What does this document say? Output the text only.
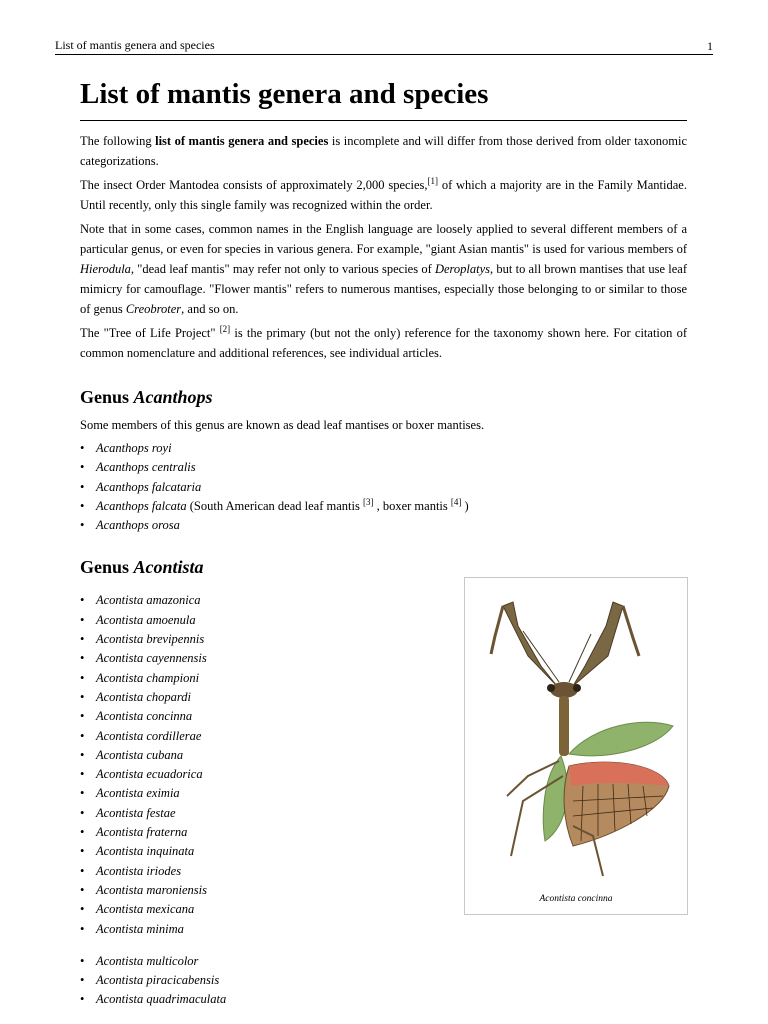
List of mantis genera and species	1
List of mantis genera and species

The following list of mantis genera and species is incomplete and will differ from those derived from older taxonomic categorizations.

The insect Order Mantodea consists of approximately 2,000 species,[1] of which a majority are in the Family Mantidae. Until recently, only this single family was recognized within the order.

Note that in some cases, common names in the English language are loosely applied to several different members of a particular genus, or even for species in various genera. For example, "giant Asian mantis" is used for various members of Hierodula, "dead leaf mantis" may refer not only to various species of Deroplatys, but to all brown mantises that use leaf mimicry for camouflage. "Flower mantis" refers to numerous mantises, especially those belonging to or similar to those of genus Creobroter, and so on.

The "Tree of Life Project" [2] is the primary (but not the only) reference for the taxonomy shown here. For citation of common nomenclature and additional references, see individual articles.

Genus Acanthops

Some members of this genus are known as dead leaf mantises or boxer mantises.

• Acanthops royi
• Acanthops centralis
• Acanthops falcataria
• Acanthops falcata (South American dead leaf mantis [3] , boxer mantis [4] )
• Acanthops orosa
Genus Acontista
• Acontista amazonica
• Acontista amoenula
• Acontista brevipennis
• Acontista cayennensis
• Acontista championi
• Acontista chopardi
• Acontista concinna
• Acontista cordillerae
• Acontista cubana
• Acontista ecuadorica
• Acontista eximia
• Acontista festae
• Acontista fraterna
• Acontista inquinata
• Acontista iriodes
• Acontista maroniensis
• Acontista mexicana
• Acontista minima
• Acontista multicolor
• Acontista piracicabensis
• Acontista quadrimaculata
Acontista concinna
